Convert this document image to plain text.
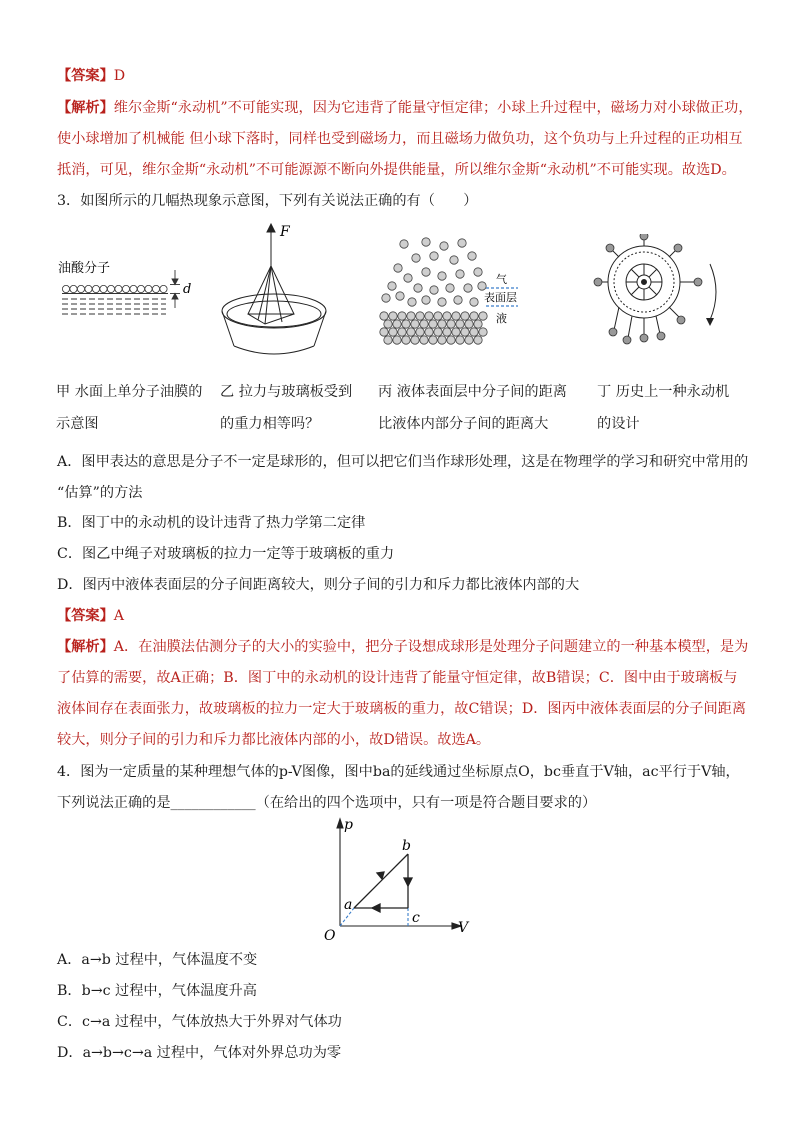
【答案】D
【解析】维尔金斯“永动机”不可能实现，因为它违背了能量守恒定律；小球上升过程中，磁场力对小球做正功，
使小球增加了机械能 但小球下落时，同样也受到磁场力，而且磁场力做负功，这个负功与上升过程的正功相互
抵消，可见，维尔金斯“永动机”不可能源源不断向外提供能量，所以维尔金斯“永动机”不可能实现。故选D。
3．如图所示的几幅热现象示意图，下列有关说法正确的有（　　）
油酸分子
d
F
气
表面层
液
甲 水面上单分子油膜的
示意图
乙 拉力与玻璃板受到
的重力相等吗？
丙 液体表面层中分子间的距离
比液体内部分子间的距离大
丁 历史上一种永动机
的设计
A．图甲表达的意思是分子不一定是球形的，但可以把它们当作球形处理，这是在物理学的学习和研究中常用的
“估算”的方法
B．图丁中的永动机的设计违背了热力学第二定律
C．图乙中绳子对玻璃板的拉力一定等于玻璃板的重力
D．图丙中液体表面层的分子间距离较大，则分子间的引力和斥力都比液体内部的大
【答案】A
【解析】A．在油膜法估测分子的大小的实验中，把分子设想成球形是处理分子问题建立的一种基本模型，是为
了估算的需要，故A正确；B．图丁中的永动机的设计违背了能量守恒定律，故B错误；C．图中由于玻璃板与
液体间存在表面张力，故玻璃板的拉力一定大于玻璃板的重力，故C错误；D．图丙中液体表面层的分子间距离
较大，则分子间的引力和斥力都比液体内部的小，故D错误。故选A。
4．图为一定质量的某种理想气体的p-V图像，图中ba的延线通过坐标原点O，bc垂直于V轴，ac平行于V轴，
下列说法正确的是____________（在给出的四个选项中，只有一项是符合题目要求的）
p
V
O
a
b
c
A．a→b 过程中，气体温度不变
B．b→c 过程中，气体温度升高
C．c→a 过程中，气体放热大于外界对气体功
D．a→b→c→a 过程中，气体对外界总功为零
